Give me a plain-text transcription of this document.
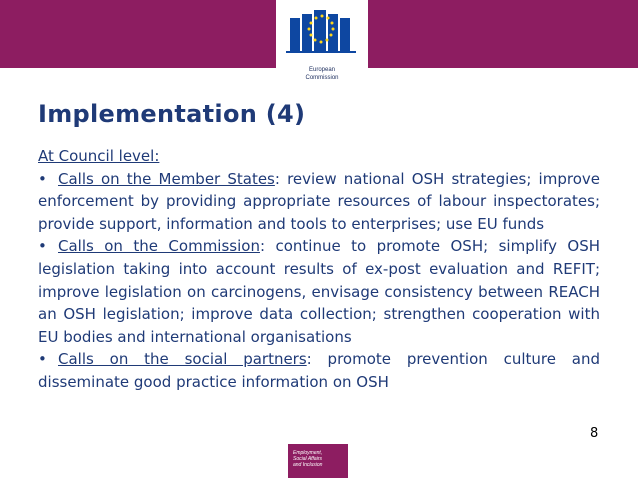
European
Commission
Implementation (4)

At Council level:

• Calls on the Member States: review national OSH strategies; improve enforcement by providing appropriate resources of labour inspectorates; provide support, information and tools to enterprises; use EU funds

• Calls on the Commission: continue to promote OSH; simplify OSH legislation taking into account results of ex-post evaluation and REFIT; improve legislation on carcinogens, envisage consistency between REACH an OSH legislation; improve data collection; strengthen cooperation with EU bodies and international organisations

• Calls on the social partners: promote prevention culture and disseminate good practice information on OSH

8
Employment,
Social Affairs
and Inclusion
